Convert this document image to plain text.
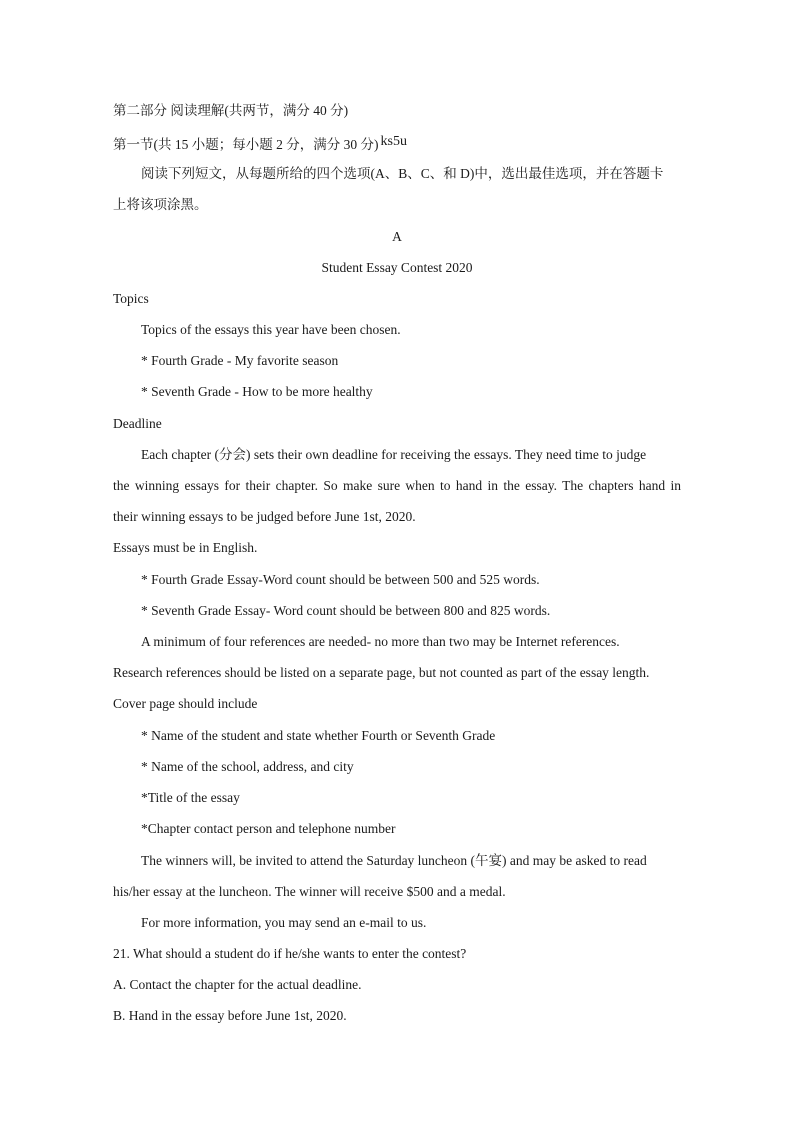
第二部分 阅读理解(共两节，满分 40 分)
第一节(共 15 小题；每小题 2 分，满分 30 分) ks5u
阅读下列短文，从每题所给的四个选项(A、B、C、和 D)中，选出最佳选项，并在答题卡
上将该项涂黑。
A
Student Essay Contest 2020
Topics
Topics of the essays this year have been chosen.
* Fourth Grade - My favorite season
* Seventh Grade - How to be more healthy
Deadline
Each chapter (分会) sets their own deadline for receiving the essays. They need time to judge
the winning essays for their chapter. So make sure when to hand in the essay. The chapters hand in
their winning essays to be judged before June 1st, 2020.
Essays must be in English.
* Fourth Grade Essay-Word count should be between 500 and 525 words.
* Seventh Grade Essay- Word count should be between 800 and 825 words.
A minimum of four references are needed- no more than two may be Internet references.
Research references should be listed on a separate page, but not counted as part of the essay length.
Cover page should include
* Name of the student and state whether Fourth or Seventh Grade
* Name of the school, address, and city
*Title of the essay
*Chapter contact person and telephone number
The winners will, be invited to attend the Saturday luncheon (午宴) and may be asked to read
his/her essay at the luncheon. The winner will receive $500 and a medal.
For more information, you may send an e-mail to us.
21. What should a student do if he/she wants to enter the contest?
A. Contact the chapter for the actual deadline.
B. Hand in the essay before June 1st, 2020.
